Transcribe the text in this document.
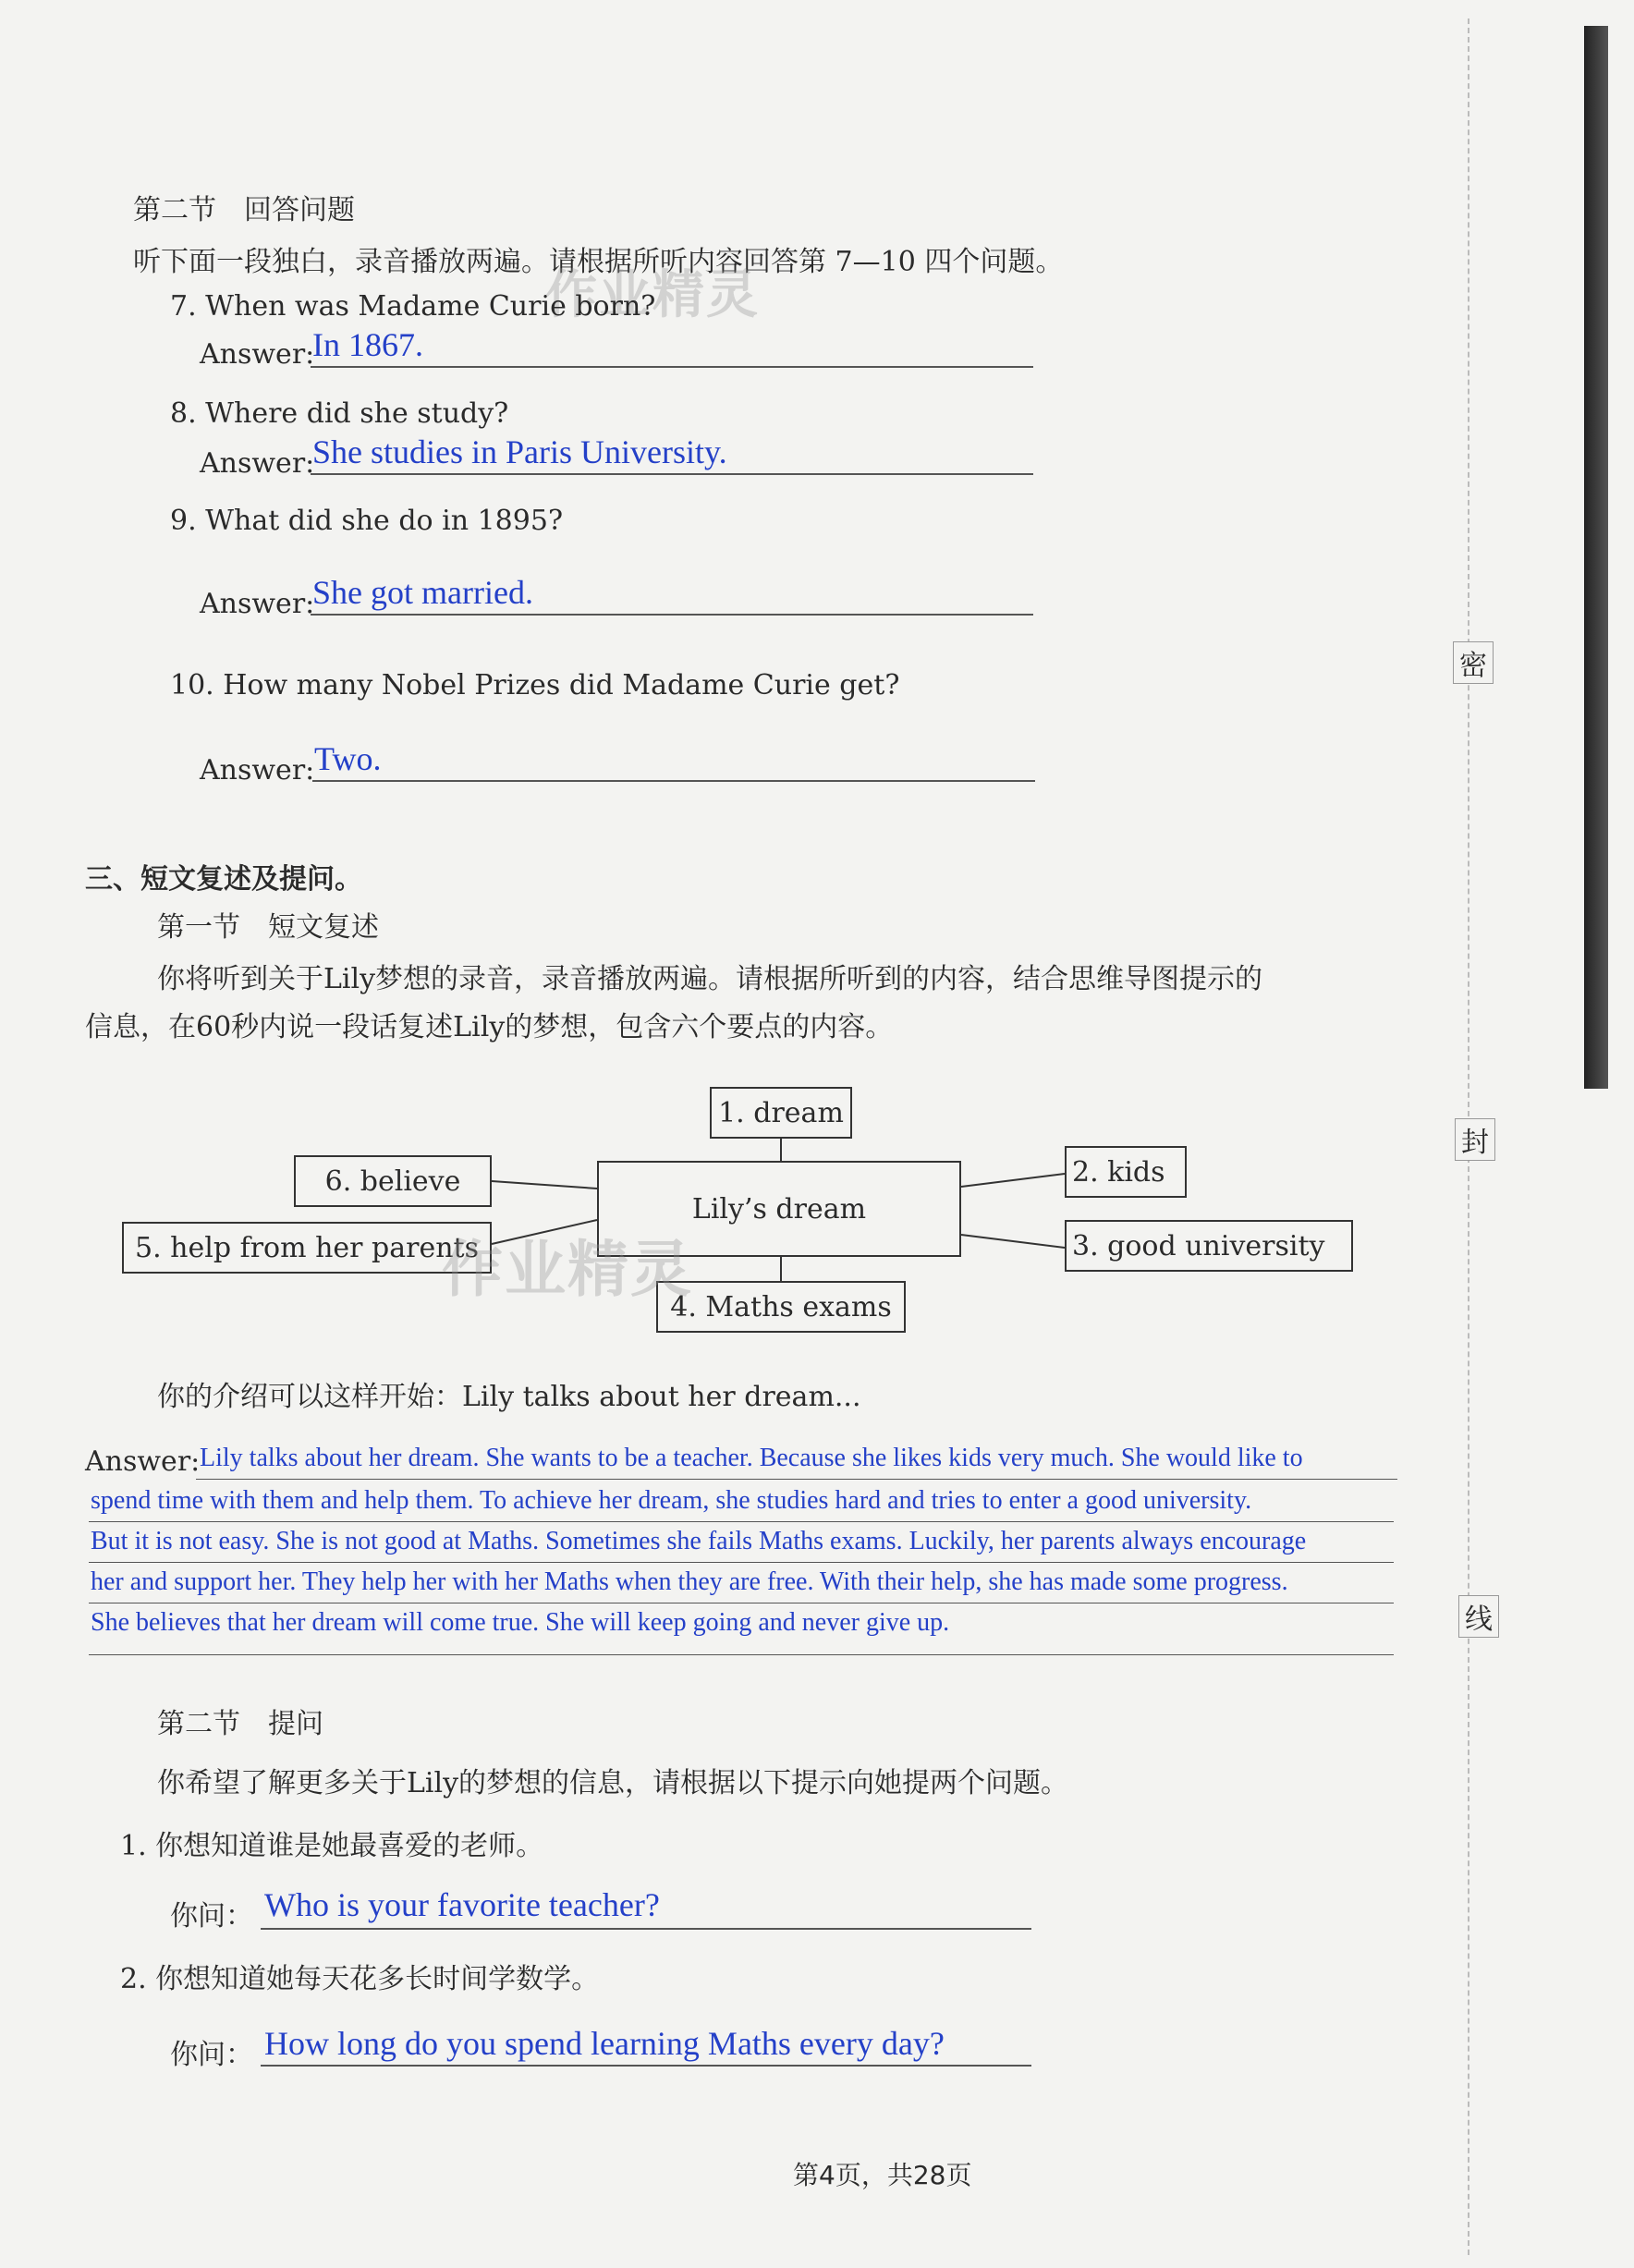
密
封
线
第二节　回答问题
听下面一段独白，录音播放两遍。请根据所听内容回答第 7—10 四个问题。
作业精灵
7. When was Madame Curie born?
Answer:
In 1867.
8. Where did she study?
Answer:
She studies in Paris University.
9. What did she do in 1895?
Answer:
She got married.
10. How many Nobel Prizes did Madame Curie get?
Answer: Two.
三、短文复述及提问。
第一节　短文复述
你将听到关于Lily梦想的录音，录音播放两遍。请根据所听到的内容，结合思维导图提示的
信息，在60秒内说一段话复述Lily的梦想，包含六个要点的内容。
1. dream
Lily’s dream
6. believe
5. help from her parents
2. kids
3. good university
4. Maths exams
作业精灵
你的介绍可以这样开始：Lily talks about her dream...
Answer: Lily talks about her dream. She wants to be a teacher. Because she likes kids very much. She would like to
spend time with them and help them. To achieve her dream, she studies hard and tries to enter a good university.
But it is not easy. She is not good at Maths. Sometimes she fails Maths exams. Luckily, her parents always encourage
her and support her. They help her with her Maths when they are free. With their help, she has made some progress.
She believes that her dream will come true. She will keep going and never give up.
第二节　提问
你希望了解更多关于Lily的梦想的信息，请根据以下提示向她提两个问题。
1. 你想知道谁是她最喜爱的老师。
你问： Who is your favorite teacher?
2. 你想知道她每天花多长时间学数学。
你问： How long do you spend learning Maths every day?
第4页，共28页
